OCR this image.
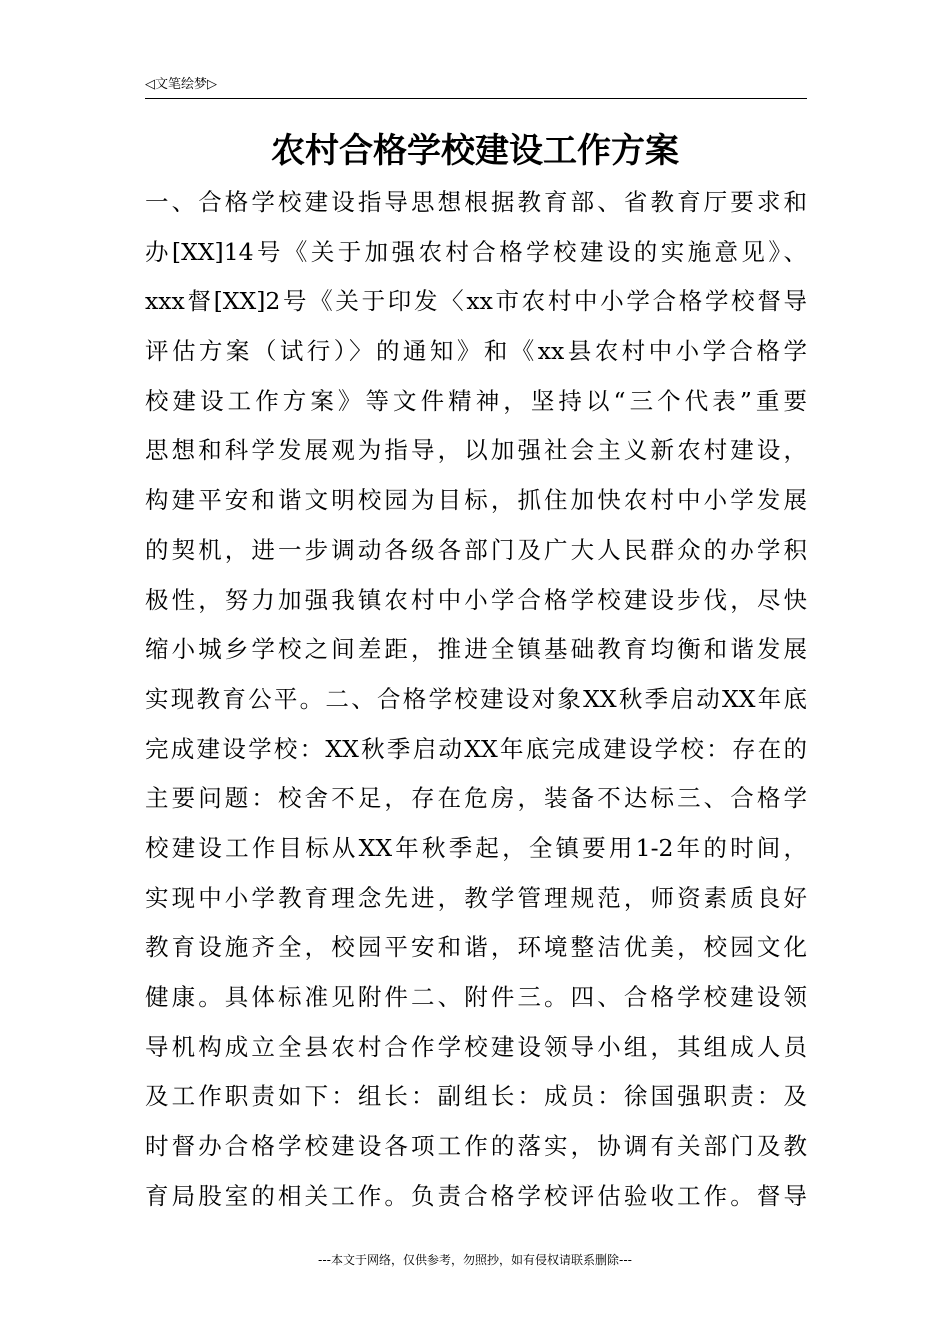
◁文笔绘梦▷
农村合格学校建设工作方案
一、合格学校建设指导思想根据教育部、省教育厅要求和
办[XX]14号《关于加强农村合格学校建设的实施意见》、
xxx督[XX]2号《关于印发〈xx市农村中小学合格学校督导
评估方案（试行）〉的通知》和《xx县农村中小学合格学
校建设工作方案》等文件精神，坚持以“三个代表”重要
思想和科学发展观为指导，以加强社会主义新农村建设，
构建平安和谐文明校园为目标，抓住加快农村中小学发展
的契机，进一步调动各级各部门及广大人民群众的办学积
极性，努力加强我镇农村中小学合格学校建设步伐，尽快
缩小城乡学校之间差距，推进全镇基础教育均衡和谐发展
实现教育公平。二、合格学校建设对象XX秋季启动XX年底
完成建设学校：XX秋季启动XX年底完成建设学校：存在的
主要问题：校舍不足，存在危房，装备不达标三、合格学
校建设工作目标从XX年秋季起，全镇要用1-2年的时间，
实现中小学教育理念先进，教学管理规范，师资素质良好
教育设施齐全，校园平安和谐，环境整洁优美，校园文化
健康。具体标准见附件二、附件三。四、合格学校建设领
导机构成立全县农村合作学校建设领导小组，其组成人员
及工作职责如下：组长：副组长：成员：徐国强职责：及
时督办合格学校建设各项工作的落实，协调有关部门及教
育局股室的相关工作。负责合格学校评估验收工作。督导
---本文于网络，仅供参考，勿照抄，如有侵权请联系删除---
